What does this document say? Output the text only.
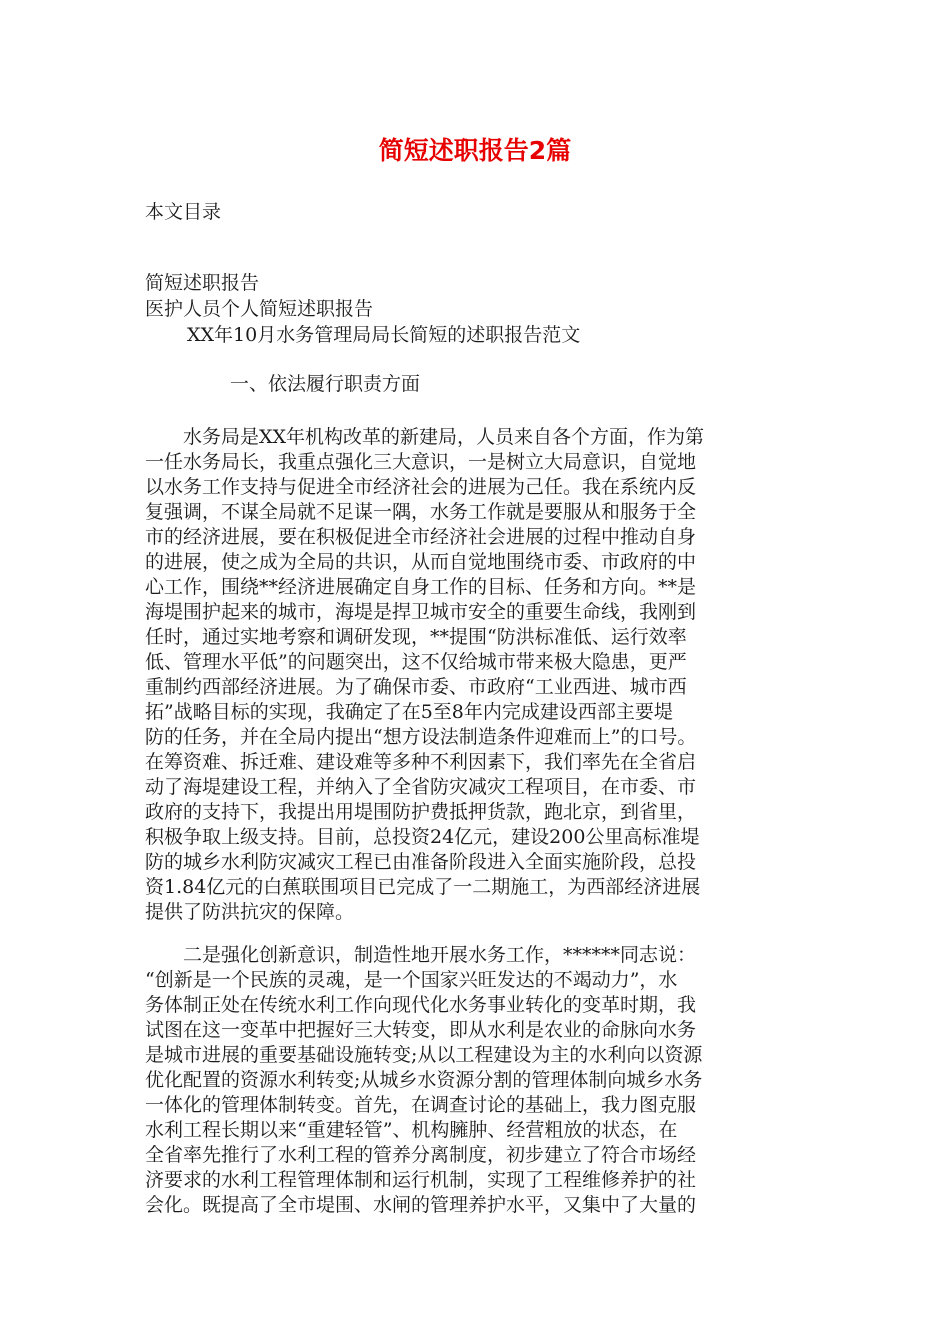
简短述职报告2篇
本文目录
简短述职报告
医护人员个人简短述职报告
XX年10月水务管理局局长简短的述职报告范文
一、依法履行职责方面

　　水务局是XX年机构改革的新建局，人员来自各个方面，作为第
一任水务局长，我重点强化三大意识，一是树立大局意识，自觉地
以水务工作支持与促进全市经济社会的进展为己任。我在系统内反
复强调，不谋全局就不足谋一隅，水务工作就是要服从和服务于全
市的经济进展，要在积极促进全市经济社会进展的过程中推动自身
的进展，使之成为全局的共识，从而自觉地围绕市委、市政府的中
心工作，围绕**经济进展确定自身工作的目标、任务和方向。**是
海堤围护起来的城市，海堤是捍卫城市安全的重要生命线，我刚到
任时，通过实地考察和调研发现，**提围“防洪标准低、运行效率
低、管理水平低”的问题突出，这不仅给城市带来极大隐患，更严
重制约西部经济进展。为了确保市委、市政府“工业西进、城市西
拓”战略目标的实现，我确定了在5至8年内完成建设西部主要堤
防的任务，并在全局内提出“想方设法制造条件迎难而上”的口号。
在筹资难、拆迁难、建设难等多种不利因素下，我们率先在全省启
动了海堤建设工程，并纳入了全省防灾减灾工程项目，在市委、市
政府的支持下，我提出用堤围防护费抵押货款，跑北京，到省里，
积极争取上级支持。目前，总投资24亿元，建设200公里高标准堤
防的城乡水利防灾减灾工程已由准备阶段进入全面实施阶段，总投
资1.84亿元的白蕉联围项目已完成了一二期施工，为西部经济进展
提供了防洪抗灾的保障。

　　二是强化创新意识，制造性地开展水务工作，******同志说：
“创新是一个民族的灵魂，是一个国家兴旺发达的不竭动力”，水
务体制正处在传统水利工作向现代化水务事业转化的变革时期，我
试图在这一变革中把握好三大转变，即从水利是农业的命脉向水务
是城市进展的重要基础设施转变;从以工程建设为主的水利向以资源
优化配置的资源水利转变;从城乡水资源分割的管理体制向城乡水务
一体化的管理体制转变。首先，在调查讨论的基础上，我力图克服
水利工程长期以来“重建轻管”、机构臃肿、经营粗放的状态，在
全省率先推行了水利工程的管养分离制度，初步建立了符合市场经
济要求的水利工程管理体制和运行机制，实现了工程维修养护的社
会化。既提高了全市堤围、水闸的管理养护水平，又集中了大量的
